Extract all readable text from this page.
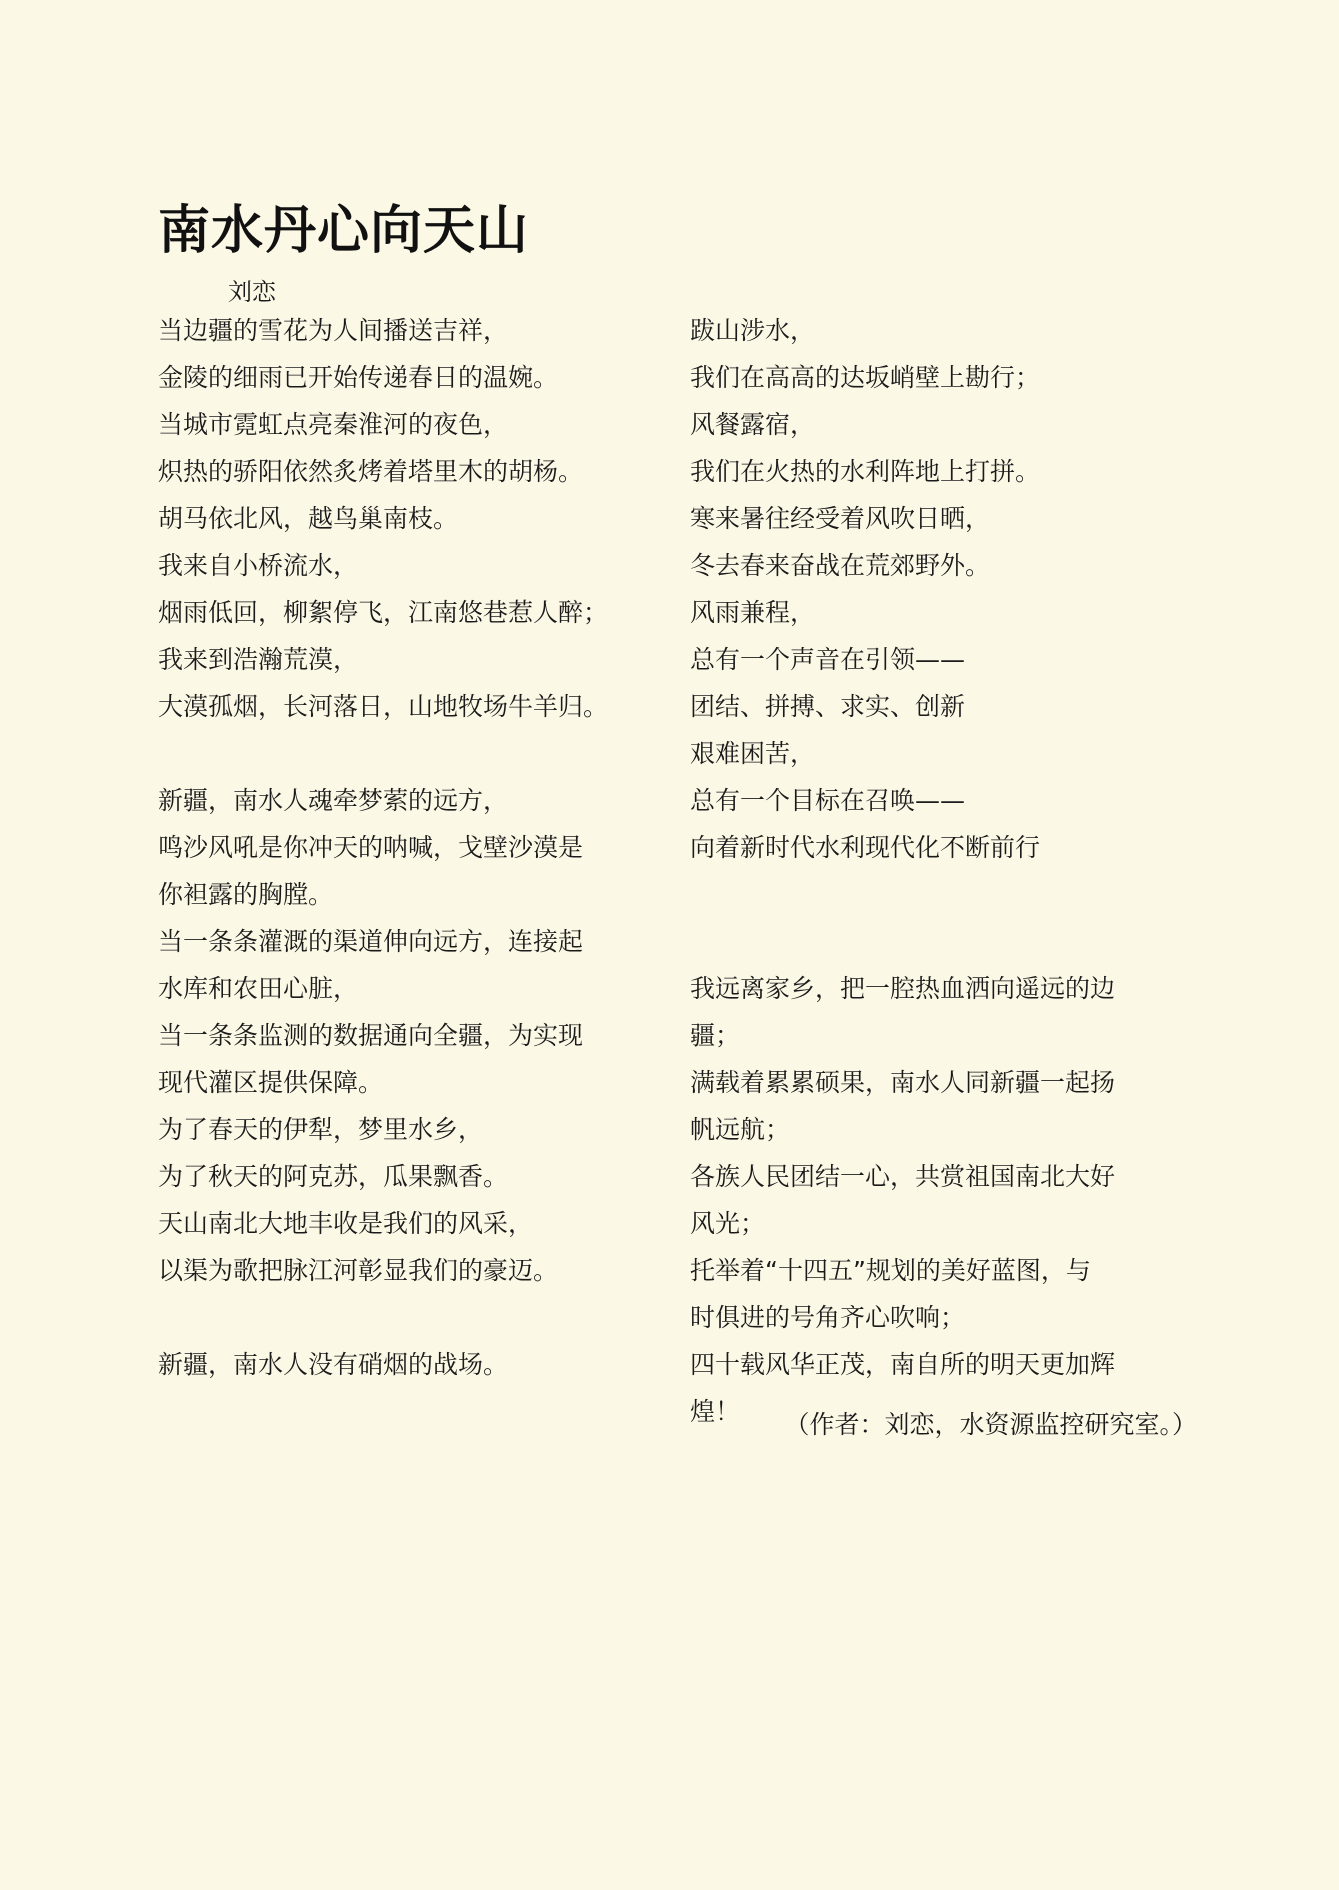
南水丹心向天山
刘恋
当边疆的雪花为人间播送吉祥，
金陵的细雨已开始传递春日的温婉。
当城市霓虹点亮秦淮河的夜色，
炽热的骄阳依然炙烤着塔里木的胡杨。
胡马依北风，越鸟巢南枝。
我来自小桥流水，
烟雨低回，柳絮停飞，江南悠巷惹人醉；
我来到浩瀚荒漠，
大漠孤烟，长河落日，山地牧场牛羊归。
新疆，南水人魂牵梦萦的远方，
鸣沙风吼是你冲天的呐喊，戈壁沙漠是
你袒露的胸膛。
当一条条灌溉的渠道伸向远方，连接起
水库和农田心脏，
当一条条监测的数据通向全疆，为实现
现代灌区提供保障。
为了春天的伊犁，梦里水乡，
为了秋天的阿克苏，瓜果飘香。
天山南北大地丰收是我们的风采，
以渠为歌把脉江河彰显我们的豪迈。
新疆，南水人没有硝烟的战场。
跋山涉水，
我们在高高的达坂峭壁上勘行；
风餐露宿，
我们在火热的水利阵地上打拼。
寒来暑往经受着风吹日晒，
冬去春来奋战在荒郊野外。
风雨兼程，
总有一个声音在引领——
团结、拼搏、求实、创新
艰难困苦，
总有一个目标在召唤——
向着新时代水利现代化不断前行
我远离家乡，把一腔热血洒向遥远的边
疆；
满载着累累硕果，南水人同新疆一起扬
帆远航；
各族人民团结一心，共赏祖国南北大好
风光；
托举着“十四五”规划的美好蓝图，与
时俱进的号角齐心吹响；
四十载风华正茂，南自所的明天更加辉
煌！	（作者：刘恋，水资源监控研究室。）
